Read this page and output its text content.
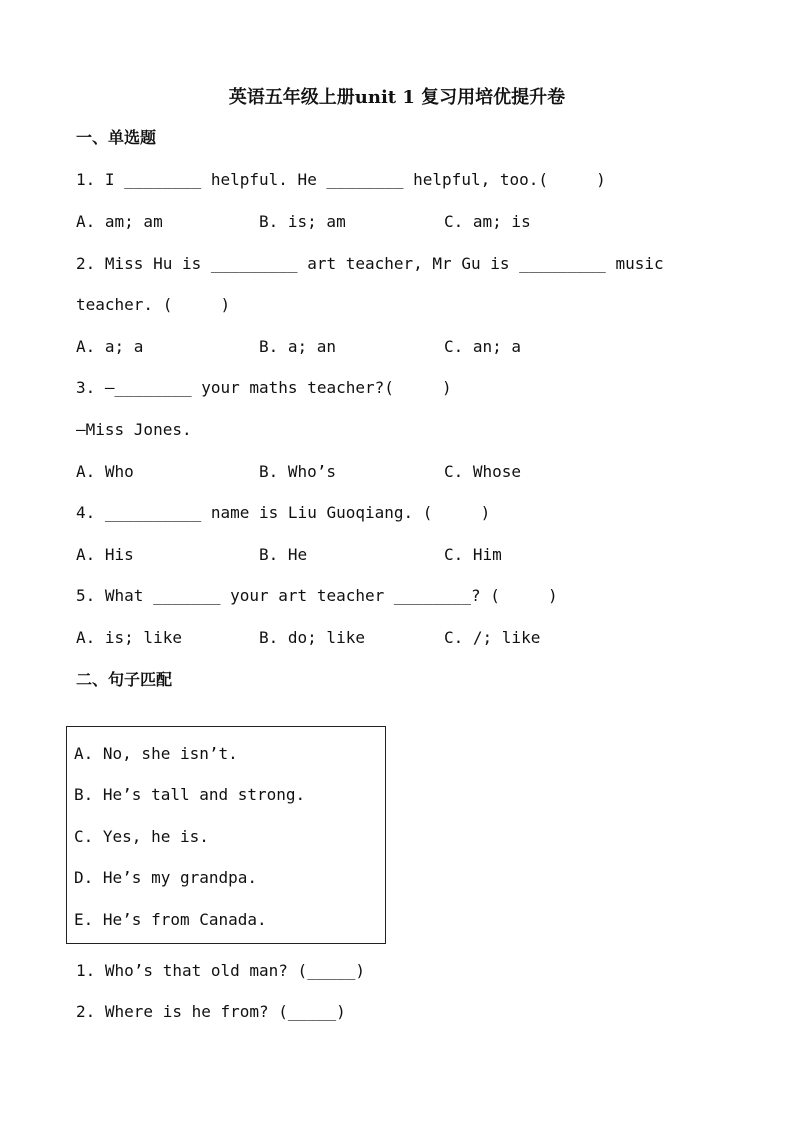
英语五年级上册unit 1 复习用培优提升卷
一、单选题
1. I ________ helpful. He ________ helpful, too.(     )
A. am; am	B. is; am	C. am; is
2. Miss Hu is _________ art teacher, Mr Gu is _________ music
teacher. (     )
A. a; a	B. a; an	C. an; a
3. —________ your maths teacher?(     )
—Miss Jones.
A. Who	B. Who’s	C. Whose
4. __________ name is Liu Guoqiang. (     )
A. His	B. He	C. Him
5. What _______ your art teacher ________? (     )
A. is; like	B. do; like	C. /; like
二、句子匹配
A. No, she isn’t.
B. He’s tall and strong.
C. Yes, he is.
D. He’s my grandpa.
E. He’s from Canada.
1. Who’s that old man? (_____)
2. Where is he from? (_____)
